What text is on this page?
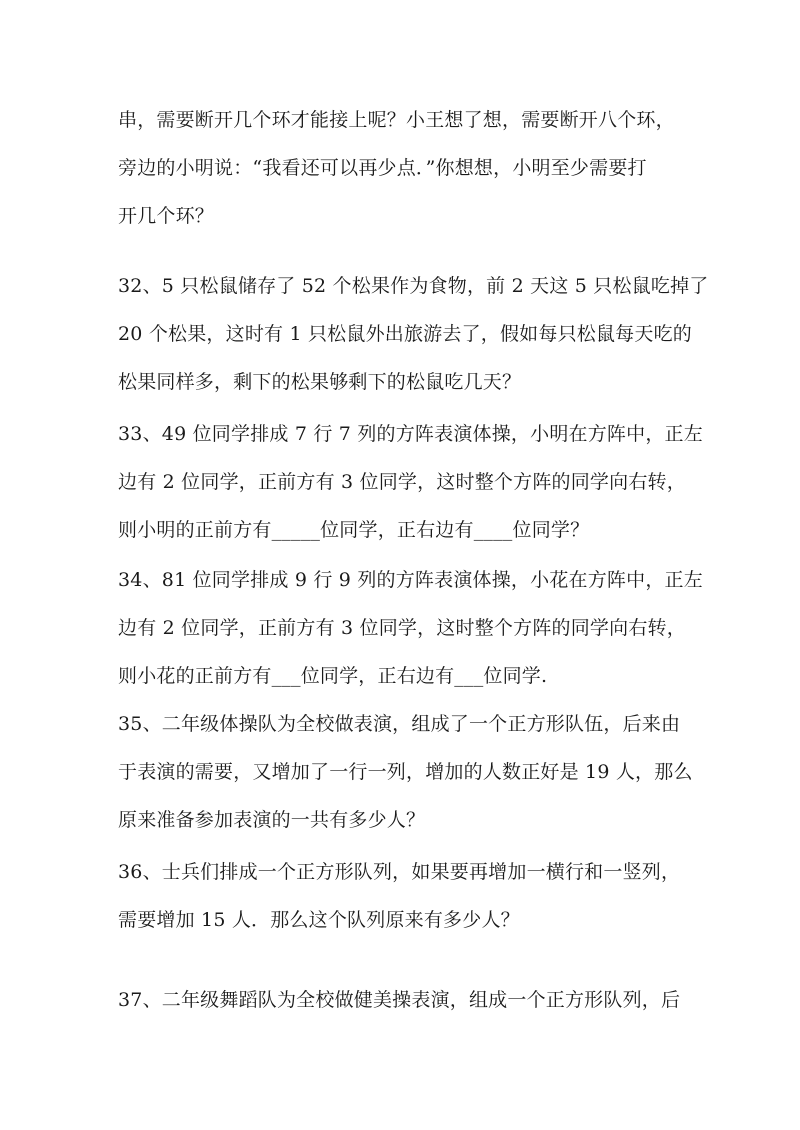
串，需要断开几个环才能接上呢？小王想了想，需要断开八个环，
旁边的小明说：“我看还可以再少点．”你想想，小明至少需要打
开几个环？
32、5 只松鼠储存了 52 个松果作为食物，前 2 天这 5 只松鼠吃掉了
20 个松果，这时有 1 只松鼠外出旅游去了，假如每只松鼠每天吃的
松果同样多，剩下的松果够剩下的松鼠吃几天？
33、49 位同学排成 7 行 7 列的方阵表演体操，小明在方阵中，正左
边有 2 位同学，正前方有 3 位同学，这时整个方阵的同学向右转，
则小明的正前方有_____位同学，正右边有____位同学？
34、81 位同学排成 9 行 9 列的方阵表演体操，小花在方阵中，正左
边有 2 位同学，正前方有 3 位同学，这时整个方阵的同学向右转，
则小花的正前方有___位同学，正右边有___位同学.
35、二年级体操队为全校做表演，组成了一个正方形队伍，后来由
于表演的需要，又增加了一行一列，增加的人数正好是 19 人，那么
原来准备参加表演的一共有多少人？
36、士兵们排成一个正方形队列，如果要再增加一横行和一竖列，
需要增加 15 人．那么这个队列原来有多少人？
37、二年级舞蹈队为全校做健美操表演，组成一个正方形队列，后
